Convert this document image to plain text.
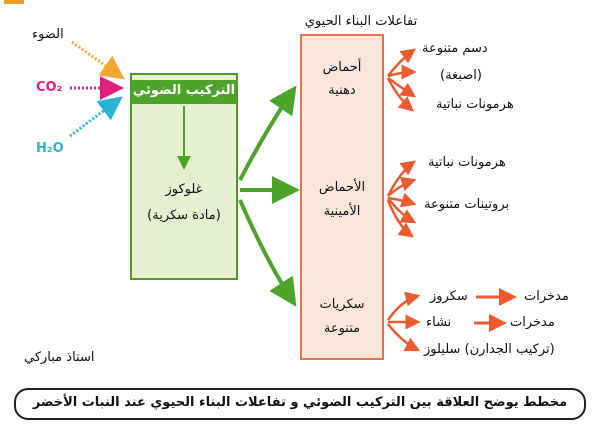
التركيب الضوئي
الضوء
CO₂
H₂O
غلوكوز
(مادة سكرية)
تفاعلات البناء الحيوي
أحماض
دهنية
الأحماض
الأمينية
سكريات
متنوعة
دسم متنوعة
(اصبغة)
هرمونات نباتية
هرمونات نباتية
بروتينات متنوعة
سكروز	مدخرات
نشاء	مدخرات
(تركيب الجدارن) سليلوز
استاذ مباركي
مخطط يوضح العلاقة بين التركيب الضوئي و تفاعلات البناء الحيوي عند النبات الأخضر
